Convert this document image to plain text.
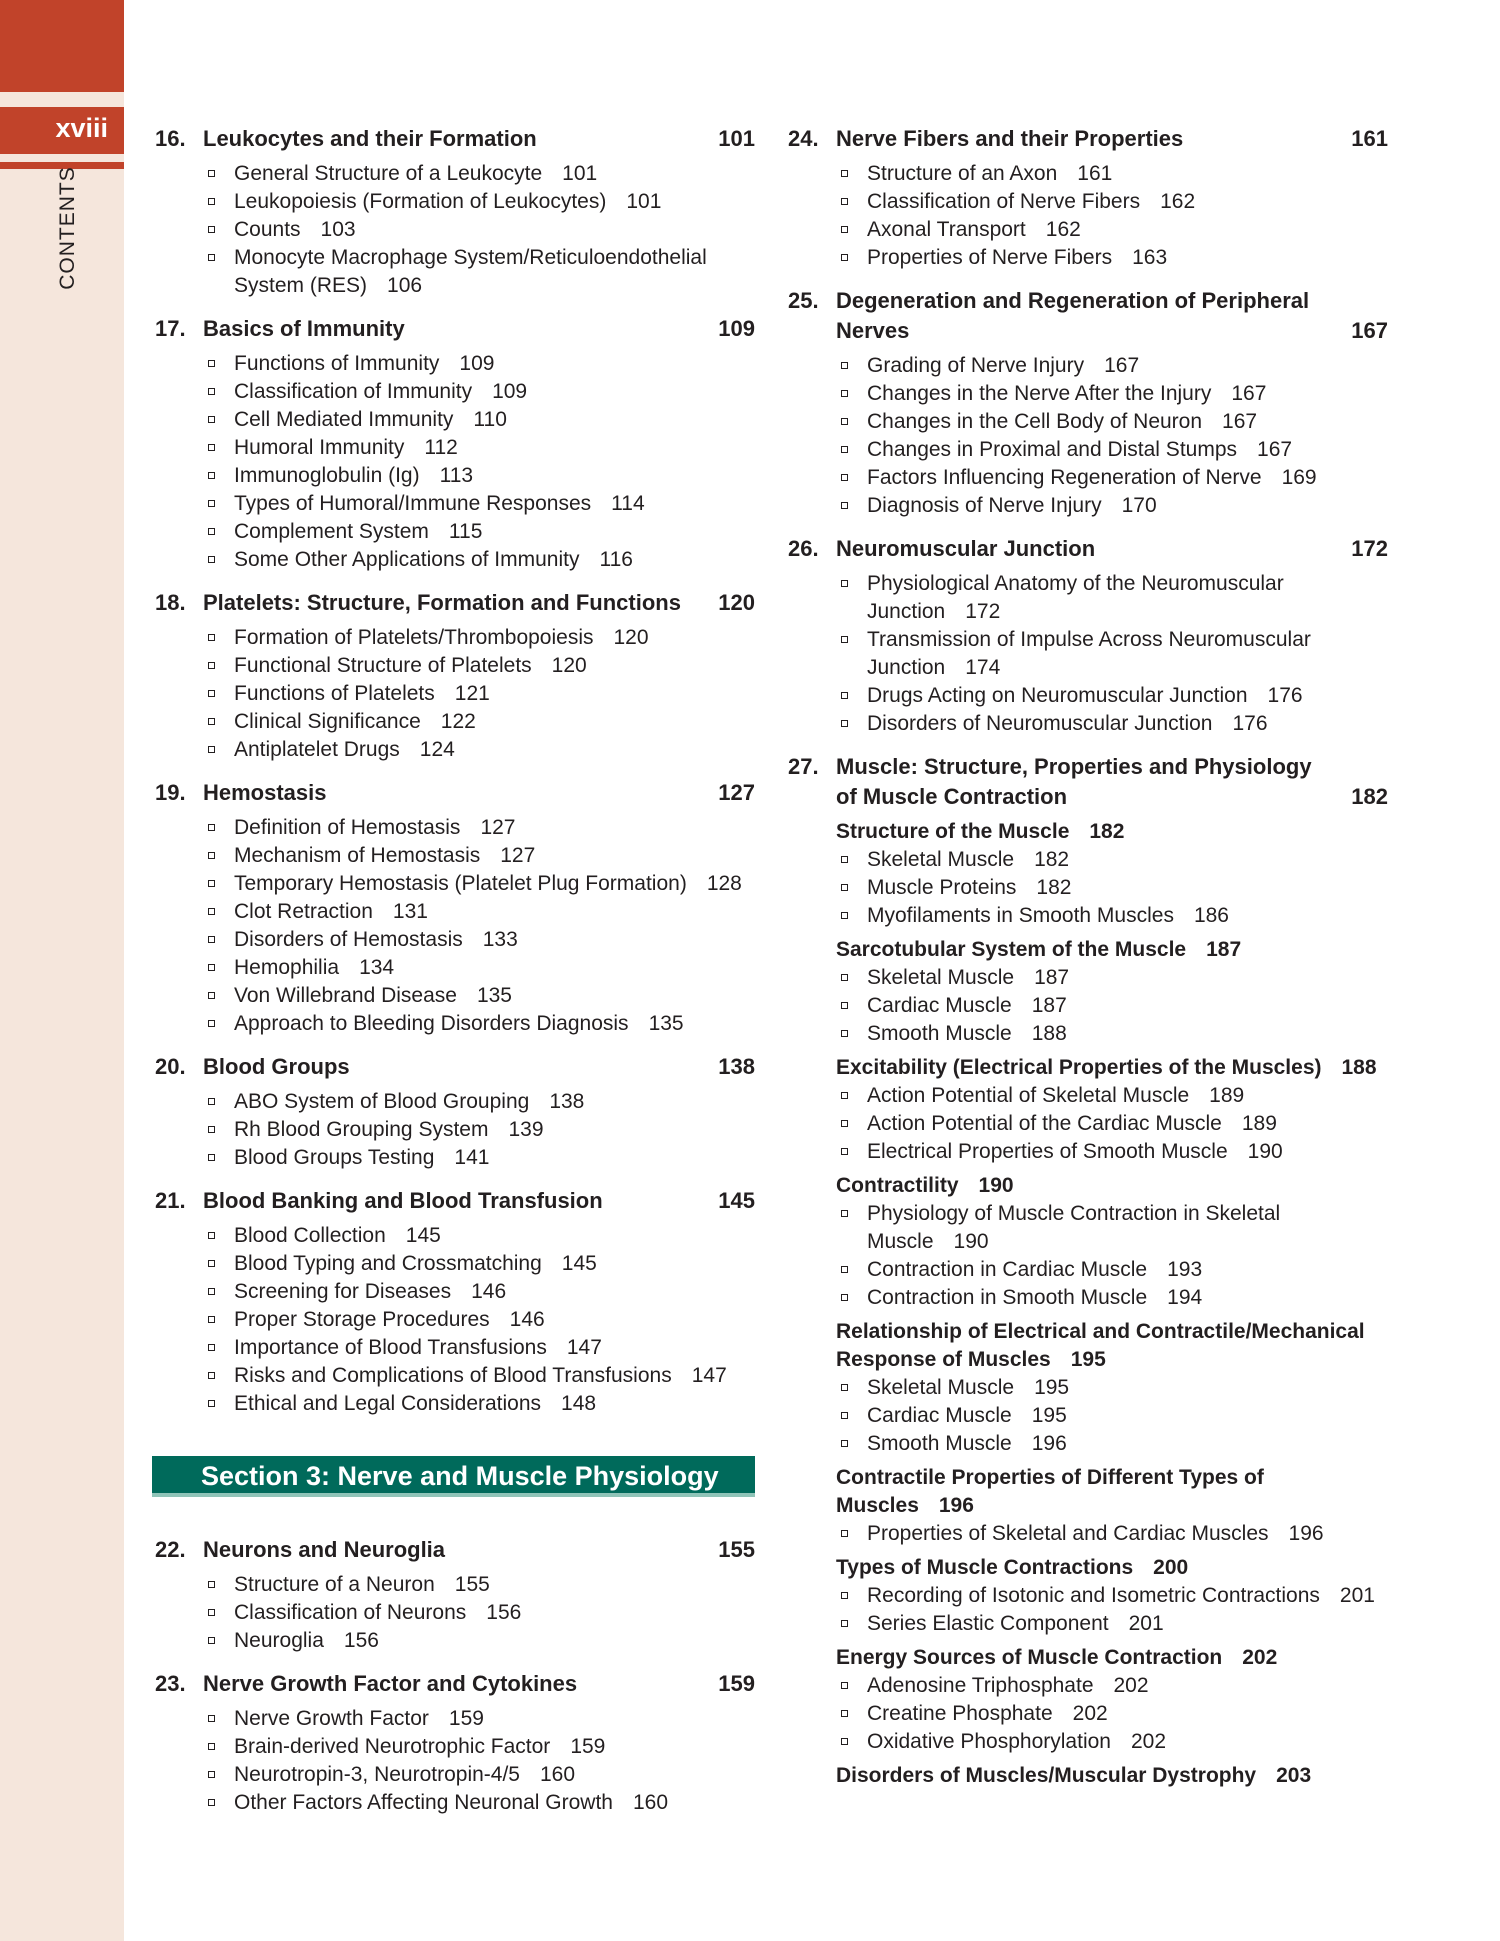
xviii
CONTENTS
16. Leukocytes and their Formation	101
General Structure of a Leukocyte 101
Leukopoiesis (Formation of Leukocytes) 101
Counts 103
Monocyte Macrophage System/Reticuloendothelial System (RES) 106
17. Basics of Immunity	109
Functions of Immunity 109
Classification of Immunity 109
Cell Mediated Immunity 110
Humoral Immunity 112
Immunoglobulin (Ig) 113
Types of Humoral/Immune Responses 114
Complement System 115
Some Other Applications of Immunity 116
18. Platelets: Structure, Formation and Functions 120
Formation of Platelets/Thrombopoiesis 120
Functional Structure of Platelets 120
Functions of Platelets 121
Clinical Significance 122
Antiplatelet Drugs 124
19. Hemostasis	127
Definition of Hemostasis 127
Mechanism of Hemostasis 127
Temporary Hemostasis (Platelet Plug Formation) 128
Clot Retraction 131
Disorders of Hemostasis 133
Hemophilia 134
Von Willebrand Disease 135
Approach to Bleeding Disorders Diagnosis 135
20. Blood Groups	138
ABO System of Blood Grouping 138
Rh Blood Grouping System 139
Blood Groups Testing 141
21. Blood Banking and Blood Transfusion	145
Blood Collection 145
Blood Typing and Crossmatching 145
Screening for Diseases 146
Proper Storage Procedures 146
Importance of Blood Transfusions 147
Risks and Complications of Blood Transfusions 147
Ethical and Legal Considerations 148
Section 3: Nerve and Muscle Physiology
22. Neurons and Neuroglia	155
Structure of a Neuron 155
Classification of Neurons 156
Neuroglia 156
23. Nerve Growth Factor and Cytokines	159
Nerve Growth Factor 159
Brain-derived Neurotrophic Factor 159
Neurotropin-3, Neurotropin-4/5 160
Other Factors Affecting Neuronal Growth 160
24. Nerve Fibers and their Properties	161
Structure of an Axon 161
Classification of Nerve Fibers 162
Axonal Transport 162
Properties of Nerve Fibers 163
25. Degeneration and Regeneration of Peripheral Nerves	167
Grading of Nerve Injury 167
Changes in the Nerve After the Injury 167
Changes in the Cell Body of Neuron 167
Changes in Proximal and Distal Stumps 167
Factors Influencing Regeneration of Nerve 169
Diagnosis of Nerve Injury 170
26. Neuromuscular Junction	172
Physiological Anatomy of the Neuromuscular Junction 172
Transmission of Impulse Across Neuromuscular Junction 174
Drugs Acting on Neuromuscular Junction 176
Disorders of Neuromuscular Junction 176
27. Muscle: Structure, Properties and Physiology of Muscle Contraction	182
Structure of the Muscle 182
Skeletal Muscle 182
Muscle Proteins 182
Myofilaments in Smooth Muscles 186
Sarcotubular System of the Muscle 187
Skeletal Muscle 187
Cardiac Muscle 187
Smooth Muscle 188
Excitability (Electrical Properties of the Muscles) 188
Action Potential of Skeletal Muscle 189
Action Potential of the Cardiac Muscle 189
Electrical Properties of Smooth Muscle 190
Contractility 190
Physiology of Muscle Contraction in Skeletal Muscle 190
Contraction in Cardiac Muscle 193
Contraction in Smooth Muscle 194
Relationship of Electrical and Contractile/Mechanical Response of Muscles 195
Skeletal Muscle 195
Cardiac Muscle 195
Smooth Muscle 196
Contractile Properties of Different Types of Muscles 196
Properties of Skeletal and Cardiac Muscles 196
Types of Muscle Contractions 200
Recording of Isotonic and Isometric Contractions 201
Series Elastic Component 201
Energy Sources of Muscle Contraction 202
Adenosine Triphosphate 202
Creatine Phosphate 202
Oxidative Phosphorylation 202
Disorders of Muscles/Muscular Dystrophy 203
